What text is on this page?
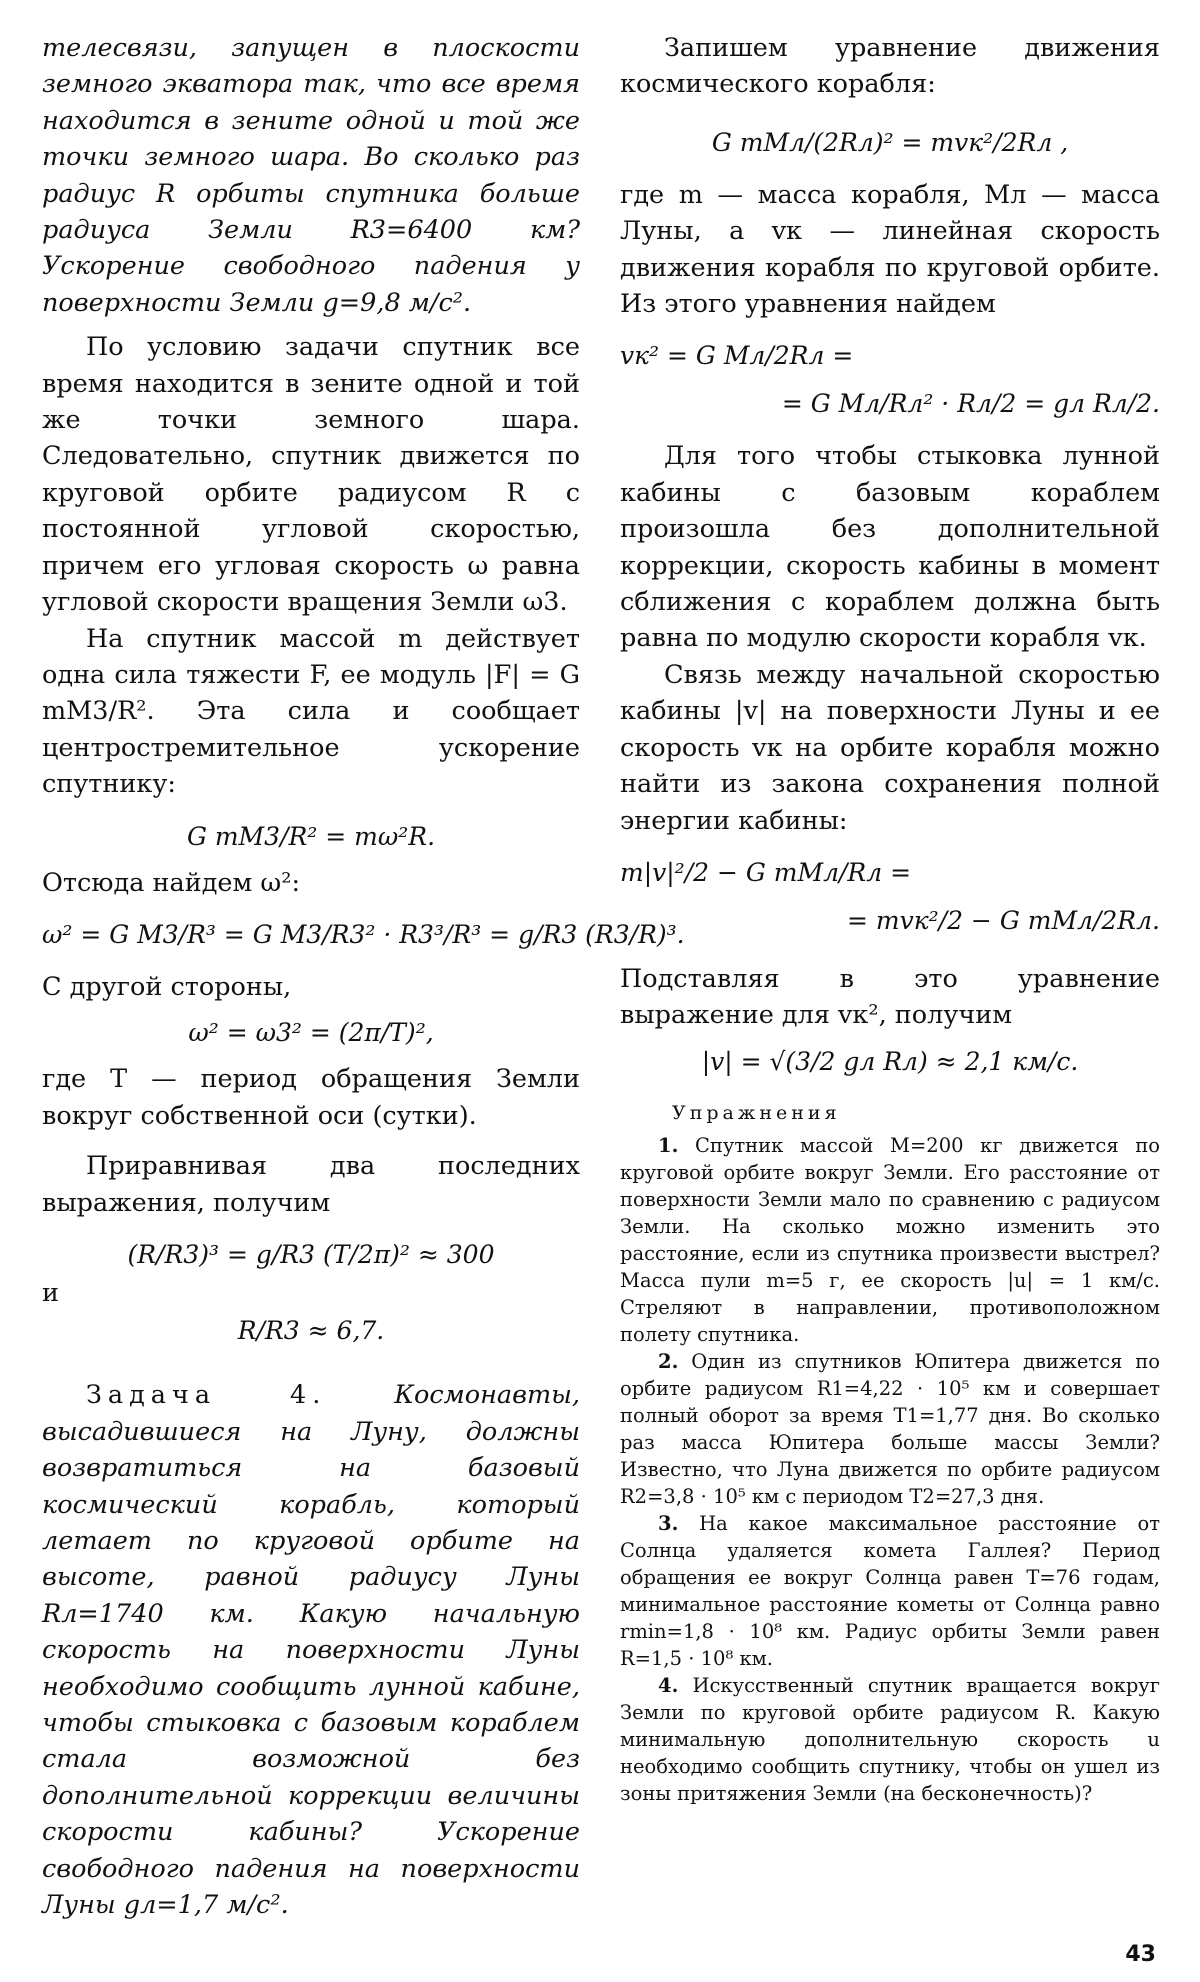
телесвязи, запущен в плоскости земного экватора так, что все время находится в зените одной и той же точки земного шара. Во сколько раз радиус R орбиты спутника больше радиуса Земли R3=6400 км? Ускорение свободного падения у поверхности Земли g=9,8 м/с².

По условию задачи спутник все время находится в зените одной и той же точки земного шара. Следовательно, спутник движется по круговой орбите радиусом R с постоянной угловой скоростью, причем его угловая скорость ω равна угловой скорости вращения Земли ω3.

На спутник массой m действует одна сила тяжести F, ее модуль |F| = G mM3/R². Эта сила и сообщает центростремительное ускорение спутнику:

G mM3/R² = mω²R.

Отсюда найдем ω²:

ω² = G M3/R³ = G M3/R3² · R3³/R³ = g/R3 (R3/R)³.

С другой стороны,

ω² = ω3² = (2π/T)²,

где T — период обращения Земли вокруг собственной оси (сутки).

Приравнивая два последних выражения, получим

(R/R3)³ = g/R3 (T/2π)² ≈ 300

и

R/R3 ≈ 6,7.

Задача 4.	Космонавты, высадившиеся на Луну, должны возвратиться на базовый космический корабль, который летает по круговой орбите на высоте, равной радиусу Луны Rл=1740 км. Какую начальную скорость на поверхности Луны необходимо сообщить лунной кабине, чтобы стыковка с базовым кораблем стала возможной без дополнительной коррекции величины скорости кабины? Ускорение свободного падения на поверхности Луны gл=1,7 м/с².

Запишем уравнение движения космического корабля:

G mMл/(2Rл)² = mvк²/2Rл ,

где m — масса корабля, Mл — масса Луны, а vк — линейная скорость движения корабля по круговой орбите. Из этого уравнения найдем

vк² = G Mл/2Rл =

= G Mл/Rл² · Rл/2 = gл Rл/2.

Для того чтобы стыковка лунной кабины с базовым кораблем произошла без дополнительной коррекции, скорость кабины в момент сближения с кораблем должна быть равна по модулю скорости корабля vк.

Связь между начальной скоростью кабины |v| на поверхности Луны и ее скорость vк на орбите корабля можно найти из закона сохранения полной энергии кабины:

m|v|²/2 − G mMл/Rл =

= mvк²/2 − G mMл/2Rл.

Подставляя в это уравнение выражение для vк², получим

|v| = √(3/2 gл Rл) ≈ 2,1 км/с.

Упражнения

1. Спутник массой M=200 кг движется по круговой орбите вокруг Земли. Его расстояние от поверхности Земли мало по сравнению с радиусом Земли. На сколько можно изменить это расстояние, если из спутника произвести выстрел? Масса пули m=5 г, ее скорость |u| = 1 км/с. Стреляют в направлении, противоположном полету спутника.

2. Один из спутников Юпитера движется по орбите радиусом R1=4,22 · 10⁵ км и совершает полный оборот за время T1=1,77 дня. Во сколько раз масса Юпитера больше массы Земли? Известно, что Луна движется по орбите радиусом R2=3,8 · 10⁵ км с периодом T2=27,3 дня.

3. На какое максимальное расстояние от Солнца удаляется комета Галлея? Период обращения ее вокруг Солнца равен T=76 годам, минимальное расстояние кометы от Солнца равно rmin=1,8 · 10⁸ км. Радиус орбиты Земли равен R=1,5 · 10⁸ км.

4. Искусственный спутник вращается вокруг Земли по круговой орбите радиусом R. Какую минимальную дополнительную скорость u необходимо сообщить спутнику, чтобы он ушел из зоны притяжения Земли (на бесконечность)?

43
